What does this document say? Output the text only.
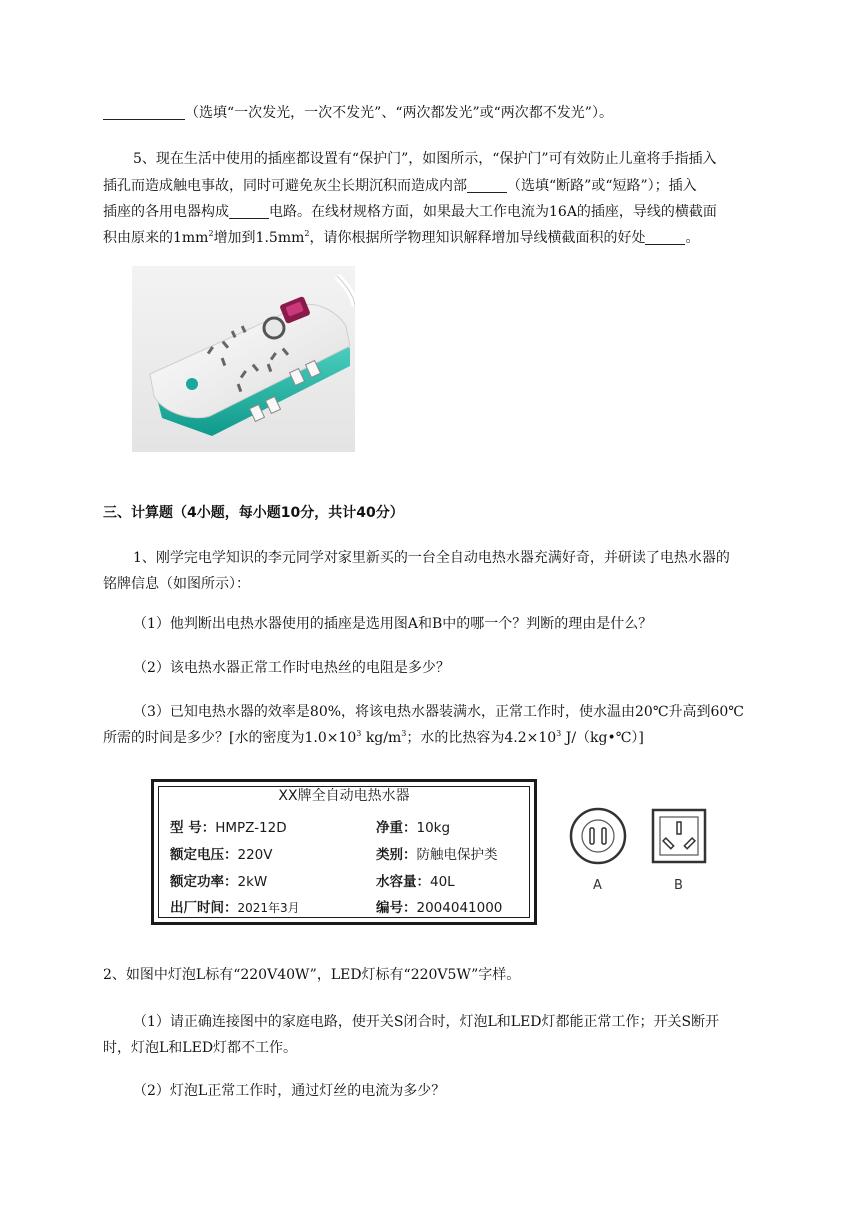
（选填“一次发光，一次不发光”、“两次都发光”或“两次都不发光”）。
5、现在生活中使用的插座都设置有“保护门”，如图所示，“保护门”可有效防止儿童将手指插入
插孔而造成触电事故，同时可避免灰尘长期沉积而造成内部	（选填“断路”或“短路”）；插入
插座的各用电器构成	电路。在线材规格方面，如果最大工作电流为16A的插座，导线的横截面
积由原来的$1mm^2$增加到$1.5mm^2$，请你根据所学物理知识解释增加导线横截面积的好处	。
三、计算题（4小题，每小题10分，共计40分）
1、刚学完电学知识的李元同学对家里新买的一台全自动电热水器充满好奇，并研读了电热水器的
铭牌信息（如图所示）：
（1）他判断出电热水器使用的插座是选用图A和B中的哪一个？判断的理由是什么？
（2）该电热水器正常工作时电热丝的电阻是多少？
（3）已知电热水器的效率是80%，将该电热水器装满水，正常工作时，使水温由20℃升高到60℃
所需的时间是多少？[水的密度为$1.0\times 10^3$ $kg/m^3$；水的比热容为$4.2\times 10^3$ J/（kg•℃）]
XX牌全自动电热水器
型 号：HMPZ-12D	净重：10kg
额定电压：220V	类别：防触电保护类
额定功率：2kW	水容量：40L
出厂时间：2021年3月	编号：2004041000
A	B
2、如图中灯泡L标有“220V40W”，LED灯标有“220V5W”字样。
（1）请正确连接图中的家庭电路，使开关S闭合时，灯泡L和LED灯都能正常工作；开关S断开
时，灯泡L和LED灯都不工作。
（2）灯泡L正常工作时，通过灯丝的电流为多少？
